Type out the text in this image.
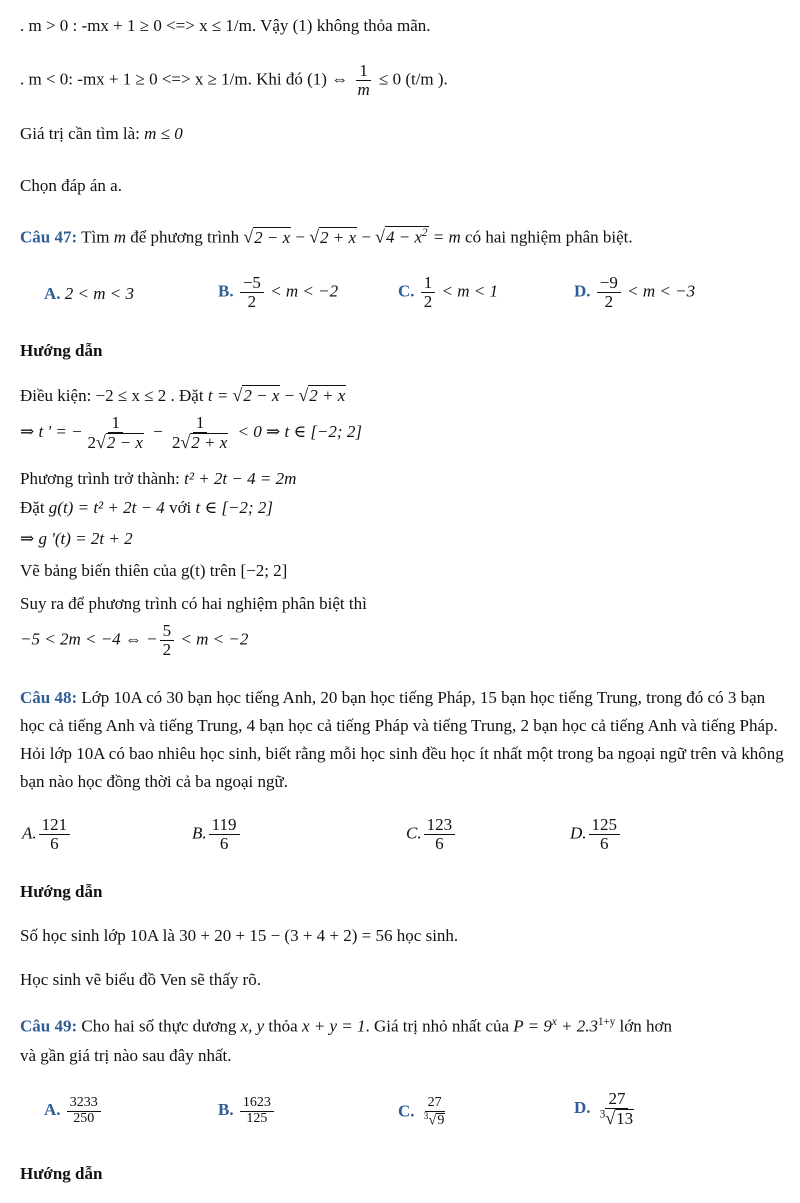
. m > 0 : -mx + 1 ≥ 0 <=> x ≤ 1/m. Vậy (1) không thỏa mãn.
. m < 0: -mx + 1 ≥ 0 <=> x ≥ 1/m. Khi đó (1) ⇔ $\frac{1}{m} \le 0$ (t/m ).
Giá trị cần tìm là: m ≤ 0
Chọn đáp án a.
Câu 47: Tìm m để phương trình $√2 - x - √2 + x - √4 - x^2 = m$ có hai nghiệm phân biệt.
A. 2 < m < 3	B. $\frac{-5}{2} < m < -2$	C. $\frac{1}{2} < m < 1$	D. $\frac{-9}{2} < m < -3$
Hướng dẫn
Điều kiện: −2 ≤ x ≤ 2 . Đặt t = √2 − x − √2 + x
⇒ t ' = − $\frac{1}{2√2 - x} - \frac{1}{2√2 + x} < 0$ ⇒ t ∈ [−2; 2]
Phương trình trở thành: t² + 2t − 4 = 2m
Đặt g(t) = t² + 2t − 4 với t ∈ [−2; 2]
⇒ g '(t) = 2t + 2
Vẽ bảng biến thiên của g(t) trên [−2; 2]
Suy ra để phương trình có hai nghiệm phân biệt thì
−5 < 2m < −4 ⇔ − $\frac{5}{2} < m < -2$
Câu 48: Lớp 10A có 30 bạn học tiếng Anh, 20 bạn học tiếng Pháp, 15 bạn học tiếng Trung, trong đó có 3 bạn học cả tiếng Anh và tiếng Trung, 4 bạn học cả tiếng Pháp và tiếng Trung, 2 bạn học cả tiếng Anh và tiếng Pháp. Hỏi lớp 10A có bao nhiêu học sinh, biết rằng mỗi học sinh đều học ít nhất một trong ba ngoại ngữ trên và không bạn nào học đồng thời cả ba ngoại ngữ.
A. $\frac{121}{6}$	B. $\frac{119}{6}$	C. $\frac{123}{6}$	D. $\frac{125}{6}$
Hướng dẫn
Số học sinh lớp 10A là 30 + 20 + 15 − (3 + 4 + 2) = 56 học sinh.
Học sinh vẽ biểu đồ Ven sẽ thấy rõ.
Câu 49: Cho hai số thực dương x, y thỏa x + y = 1. Giá trị nhỏ nhất của $P = 9^x + 2.3^{1+y}$ lớn hơn
và gần giá trị nào sau đây nhất.
A. $\frac{3233}{250}$	B. $\frac{1623}{125}$	C. $\frac{27}{^3√9}$	D. $\frac{27}{^3√13}$
Hướng dẫn
